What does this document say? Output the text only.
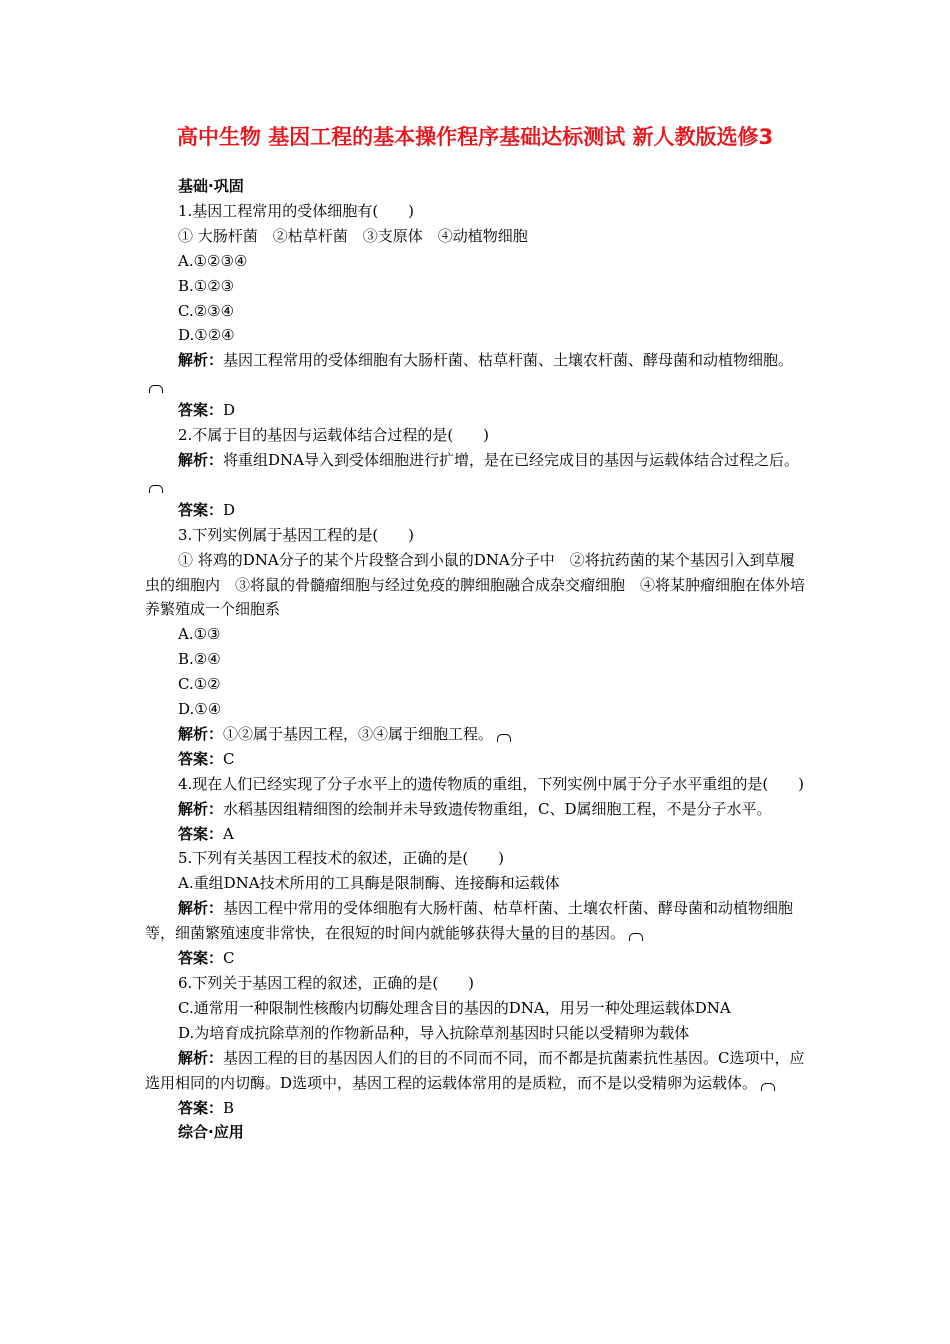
高中生物 基因工程的基本操作程序基础达标测试 新人教版选修3
基础·巩固
1.基因工程常用的受体细胞有(　　)
① 大肠杆菌　②枯草杆菌　③支原体　④动植物细胞
A.①②③④
B.①②③
C.②③④
D.①②④
解析：基因工程常用的受体细胞有大肠杆菌、枯草杆菌、土壤农杆菌、酵母菌和动植物细胞。
答案：D
2.不属于目的基因与运载体结合过程的是(　　)
解析：将重组DNA导入到受体细胞进行扩增，是在已经完成目的基因与运载体结合过程之后。
答案：D
3.下列实例属于基因工程的是(　　)
① 将鸡的DNA分子的某个片段整合到小鼠的DNA分子中　②将抗药菌的某个基因引入到草履虫的细胞内　③将鼠的骨髓瘤细胞与经过免疫的脾细胞融合成杂交瘤细胞　④将某肿瘤细胞在体外培养繁殖成一个细胞系
A.①③
B.②④
C.①②
D.①④
解析：①②属于基因工程，③④属于细胞工程。
答案：C
4.现在人们已经实现了分子水平上的遗传物质的重组，下列实例中属于分子水平重组的是(　　)
解析：水稻基因组精细图的绘制并未导致遗传物重组，C、D属细胞工程，不是分子水平。
答案：A
5.下列有关基因工程技术的叙述，正确的是(　　)
A.重组DNA技术所用的工具酶是限制酶、连接酶和运载体
解析：基因工程中常用的受体细胞有大肠杆菌、枯草杆菌、土壤农杆菌、酵母菌和动植物细胞等，细菌繁殖速度非常快，在很短的时间内就能够获得大量的目的基因。
答案：C
6.下列关于基因工程的叙述，正确的是(　　)
C.通常用一种限制性核酸内切酶处理含目的基因的DNA，用另一种处理运载体DNA
D.为培育成抗除草剂的作物新品种，导入抗除草剂基因时只能以受精卵为载体
解析：基因工程的目的基因因人们的目的不同而不同，而不都是抗菌素抗性基因。C选项中，应选用相同的内切酶。D选项中，基因工程的运载体常用的是质粒，而不是以受精卵为运载体。
答案：B
综合·应用
